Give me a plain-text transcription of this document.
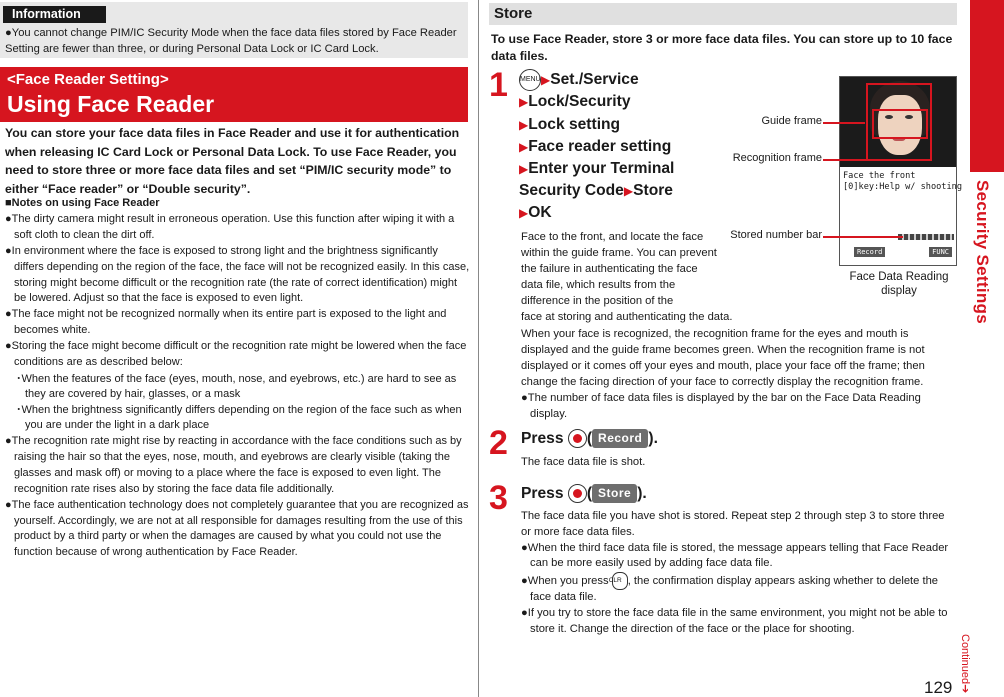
Information
●You cannot change PIM/IC Security Mode when the face data files stored by Face Reader Setting are fewer than three, or during Personal Data Lock or IC Card Lock.
<Face Reader Setting>
Using Face Reader
You can store your face data files in Face Reader and use it for authentication when releasing IC Card Lock or Personal Data Lock. To use Face Reader, you need to store three or more face data files and set “PIM/IC security mode” to either “Face reader” or “Double security”.
■Notes on using Face Reader
●The dirty camera might result in erroneous operation. Use this function after wiping it with a soft cloth to clean the dirt off.
●In environment where the face is exposed to strong light and the brightness significantly differs depending on the region of the face, the face will not be recognized easily. In this case, storing might become difficult or the recognition rate (the rate of correct identification) might be lowered. Adjust so that the face is exposed to even light.
●The face might not be recognized normally when its entire part is exposed to the light and becomes white.
●Storing the face might become difficult or the recognition rate might be lowered when the face conditions are as described below:
･When the features of the face (eyes, mouth, nose, and eyebrows, etc.) are hard to see as they are covered by hair, glasses, or a mask
･When the brightness significantly differs depending on the region of the face such as when you are under the light in a dark place
●The recognition rate might rise by reacting in accordance with the face conditions such as by raising the hair so that the eyes, nose, mouth, and eyebrows are clearly visible (taking the glasses and mask off) or moving to a place where the face is exposed to even light. The recognition rate rises also by storing the face data file additionally.
●The face authentication technology does not completely guarantee that you are recognized as yourself. Accordingly, we are not at all responsible for damages resulting from the use of this product by a third party or when the damages are caused by what you could not use the function because of wrong authentication by Face Reader.
Store
To use Face Reader, store 3 or more face data files. You can store up to 10 face data files.
1 MENU▶Set./Service
▶Lock/Security
▶Lock setting
▶Face reader setting
▶Enter your Terminal Security Code▶Store
▶OK
Face to the front, and locate the face within the guide frame. You can prevent the failure in authenticating the face data file, which results from the difference in the position of the
face at storing and authenticating the data.
When your face is recognized, the recognition frame for the eyes and mouth is displayed and the guide frame becomes green. When the recognition frame is not displayed or it comes off your eyes and mouth, place your face off the frame; then change the facing direction of your face to correctly display the recognition frame.
●The number of face data files is displayed by the bar on the Face Data Reading display.
Face the front
[0]key:Help w/ shooting
Record	FUNC
Guide frame
Recognition frame
Stored number bar
Face Data Reading display
2 Press ( Record ).
The face data file is shot.
3 Press ( Store ).
The face data file you have shot is stored. Repeat step 2 through step 3 to store three or more face data files.
●When the third face data file is stored, the message appears telling that Face Reader can be more easily used by adding face data file.
●When you press CLR , the confirmation display appears asking whether to delete the face data file.
●If you try to store the face data file in the same environment, you might not be able to store it. Change the direction of the face or the place for shooting.
Security Settings
Continued➔
129
